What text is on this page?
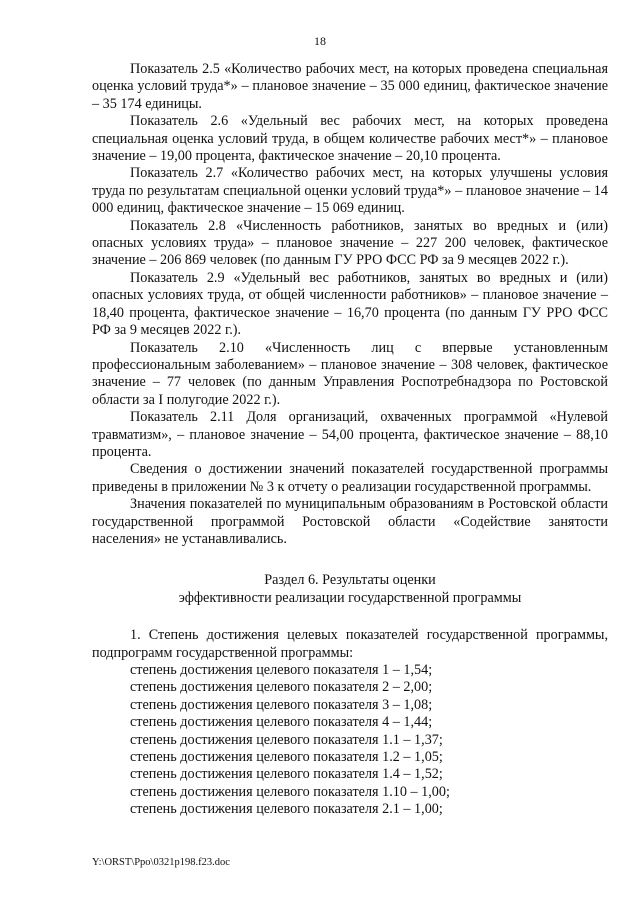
18

Показатель 2.5 «Количество рабочих мест, на которых проведена специальная оценка условий труда*» – плановое значение – 35 000 единиц, фактическое значение – 35 174 единицы.

Показатель 2.6 «Удельный вес рабочих мест, на которых проведена специальная оценка условий труда, в общем количестве рабочих мест*» – плановое значение – 19,00 процента, фактическое значение – 20,10 процента.

Показатель 2.7 «Количество рабочих мест, на которых улучшены условия труда по результатам специальной оценки условий труда*» – плановое значение – 14 000 единиц, фактическое значение – 15 069 единиц.

Показатель 2.8 «Численность работников, занятых во вредных и (или) опасных условиях труда» – плановое значение – 227 200 человек, фактическое значение – 206 869 человек (по данным ГУ РРО ФСС РФ за 9 месяцев 2022 г.).

Показатель 2.9 «Удельный вес работников, занятых во вредных и (или) опасных условиях труда, от общей численности работников» – плановое значение – 18,40 процента, фактическое значение – 16,70 процента (по данным ГУ РРО ФСС РФ за 9 месяцев 2022 г.).

Показатель 2.10 «Численность лиц с впервые установленным профессиональным заболеванием» – плановое значение – 308 человек, фактическое значение – 77 человек (по данным Управления Роспотребнадзора по Ростовской области за I полугодие 2022 г.).

Показатель 2.11 Доля организаций, охваченных программой «Нулевой травматизм», – плановое значение – 54,00 процента, фактическое значение – 88,10 процента.

Сведения о достижении значений показателей государственной программы приведены в приложении № 3 к отчету о реализации государственной программы.

Значения показателей по муниципальным образованиям в Ростовской области государственной программой Ростовской области «Содействие занятости населения» не устанавливались.

Раздел 6. Результаты оценки
эффективности реализации государственной программы

1. Степень достижения целевых показателей государственной программы, подпрограмм государственной программы:

степень достижения целевого показателя 1 – 1,54;

степень достижения целевого показателя 2 – 2,00;

степень достижения целевого показателя 3 – 1,08;

степень достижения целевого показателя 4 – 1,44;

степень достижения целевого показателя 1.1 – 1,37;

степень достижения целевого показателя 1.2 – 1,05;

степень достижения целевого показателя 1.4 – 1,52;

степень достижения целевого показателя 1.10 – 1,00;

степень достижения целевого показателя 2.1 – 1,00;

Y:\ORST\Ppo\0321p198.f23.doc
